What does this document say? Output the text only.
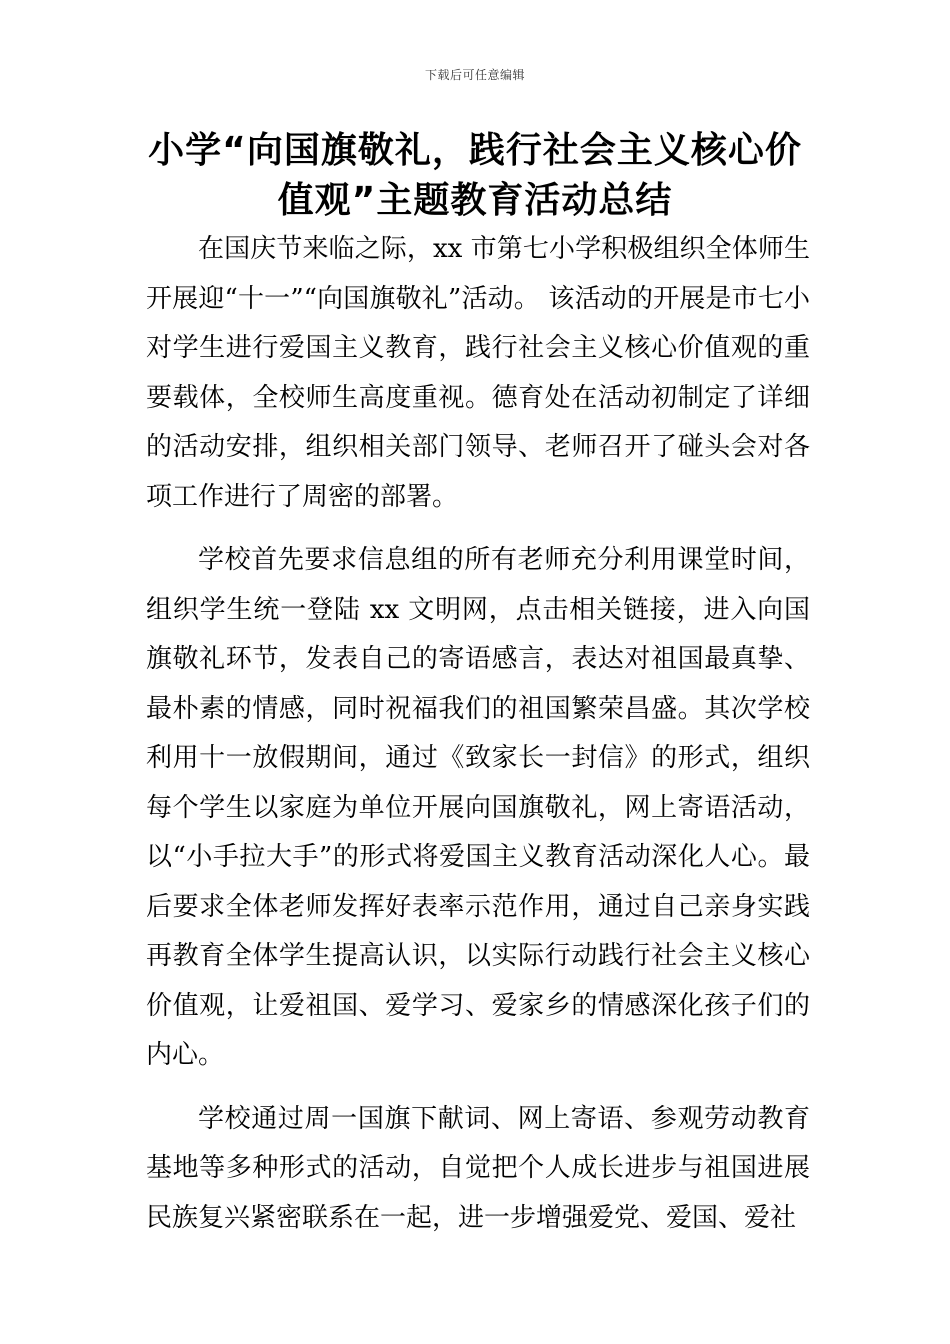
下载后可任意编辑
小学“向国旗敬礼，践行社会主义核心价
值观”主题教育活动总结

在国庆节来临之际，xx 市第七小学积极组织全体师生开展迎“十一”“向国旗敬礼”活动。 该活动的开展是市七小对学生进行爱国主义教育，践行社会主义核心价值观的重要载体，全校师生高度重视。德育处在活动初制定了详细的活动安排，组织相关部门领导、老师召开了碰头会对各项工作进行了周密的部署。

学校首先要求信息组的所有老师充分利用课堂时间，组织学生统一登陆 xx 文明网，点击相关链接，进入向国旗敬礼环节，发表自己的寄语感言，表达对祖国最真挚、最朴素的情感，同时祝福我们的祖国繁荣昌盛。其次学校利用十一放假期间，通过《致家长一封信》的形式，组织每个学生以家庭为单位开展向国旗敬礼，网上寄语活动，以“小手拉大手”的形式将爱国主义教育活动深化人心。最后要求全体老师发挥好表率示范作用，通过自己亲身实践再教育全体学生提高认识，以实际行动践行社会主义核心价值观，让爱祖国、爱学习、爱家乡的情感深化孩子们的内心。

学校通过周一国旗下献词、网上寄语、参观劳动教育基地等多种形式的活动，自觉把个人成长进步与祖国进展民族复兴紧密联系在一起，进一步增强爱党、爱国、爱社
